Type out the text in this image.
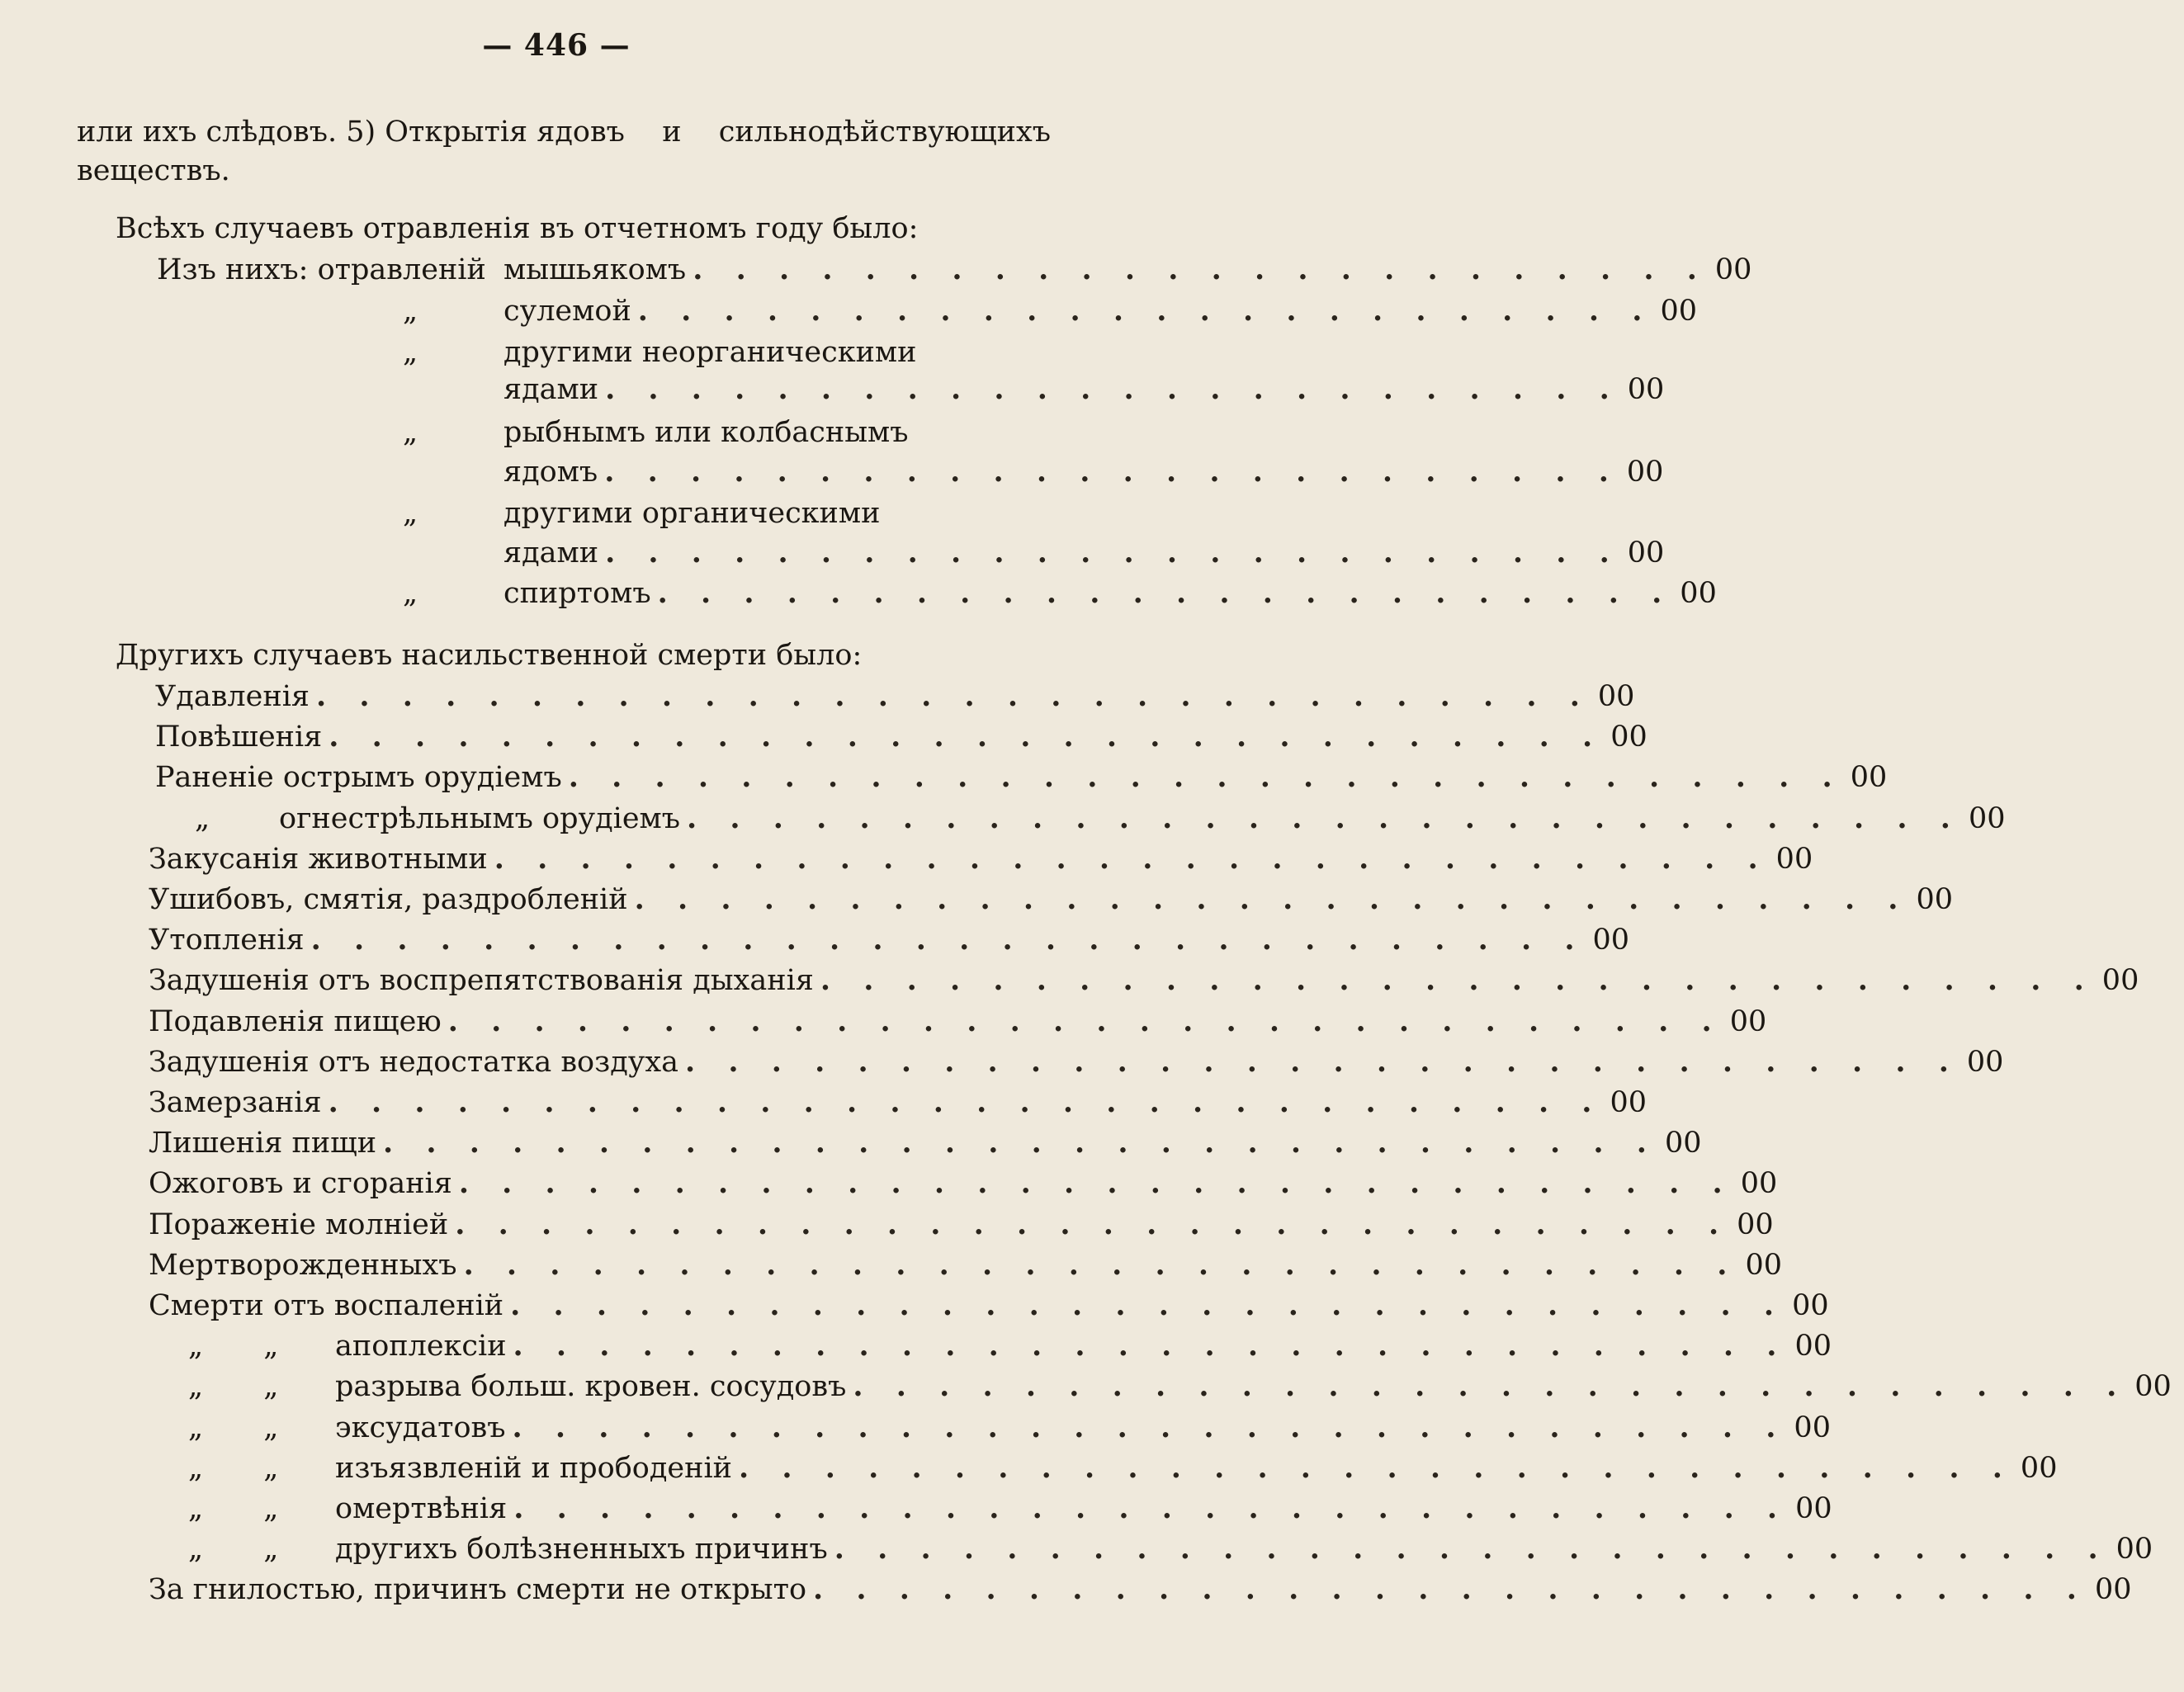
— 446 —
или ихъ слѣдовъ. 5) Открытія ядовъ и сильнодѣйствующихъ
веществъ.
Всѣхъ случаевъ отравленія въ отчетномъ году было:
Изъ нихъ: отравленій мышьякомъ . . . . . . . . . . . . . . . . . . . . . . . . 00
„	сулемой . . . . . . . . . . . . . . . . . . . . . . . . 00
„	другими неорганическими
ядами . . . . . . . . . . . . . . . . . . . . . . . . 00
„	рыбнымъ или колбаснымъ
ядомъ . . . . . . . . . . . . . . . . . . . . . . . . 00
„	другими органическими
ядами . . . . . . . . . . . . . . . . . . . . . . . . 00
„	спиртомъ . . . . . . . . . . . . . . . . . . . . . . . . 00
Другихъ случаевъ насильственной смерти было:
Удавленія . . . . . . . . . . . . . . . . . . . . . . . . . . . . . . 00
Повѣшенія . . . . . . . . . . . . . . . . . . . . . . . . . . . . . . 00
Раненіе острымъ орудіемъ . . . . . . . . . . . . . . . . . . . . . . . . . . . . . . 00
„	огнестрѣльнымъ орудіемъ . . . . . . . . . . . . . . . . . . . . . . . . . . . . . . 00
Закусанія животными . . . . . . . . . . . . . . . . . . . . . . . . . . . . . . 00
Ушибовъ, смятія, раздробленій . . . . . . . . . . . . . . . . . . . . . . . . . . . . . . 00
Утопленія . . . . . . . . . . . . . . . . . . . . . . . . . . . . . . 00
Задушенія отъ воспрепятствованія дыханія . . . . . . . . . . . . . . . . . . . . . . . . . . . . . . 00
Подавленія пищею . . . . . . . . . . . . . . . . . . . . . . . . . . . . . . 00
Задушенія отъ недостатка воздуха . . . . . . . . . . . . . . . . . . . . . . . . . . . . . . 00
Замерзанія . . . . . . . . . . . . . . . . . . . . . . . . . . . . . . 00
Лишенія пищи . . . . . . . . . . . . . . . . . . . . . . . . . . . . . . 00
Ожоговъ и сгоранія . . . . . . . . . . . . . . . . . . . . . . . . . . . . . . 00
Пораженіе молніей . . . . . . . . . . . . . . . . . . . . . . . . . . . . . . 00
Мертворожденныхъ . . . . . . . . . . . . . . . . . . . . . . . . . . . . . . 00
Смерти отъ воспаленій . . . . . . . . . . . . . . . . . . . . . . . . . . . . . . 00
„ „	апоплексіи . . . . . . . . . . . . . . . . . . . . . . . . . . . . . . 00
„ „	разрыва больш. кровен. сосудовъ . . . . . . . . . . . . . . . . . . . . . . . . . . . . . . 00
„ „	эксудатовъ . . . . . . . . . . . . . . . . . . . . . . . . . . . . . . 00
„ „	изъязвленій и прободеній . . . . . . . . . . . . . . . . . . . . . . . . . . . . . . 00
„ „	омертвѣнія . . . . . . . . . . . . . . . . . . . . . . . . . . . . . . 00
„ „	другихъ болѣзненныхъ причинъ . . . . . . . . . . . . . . . . . . . . . . . . . . . . . . 00
За гнилостью, причинъ смерти не открыто . . . . . . . . . . . . . . . . . . . . . . . . . . . . . . 00
